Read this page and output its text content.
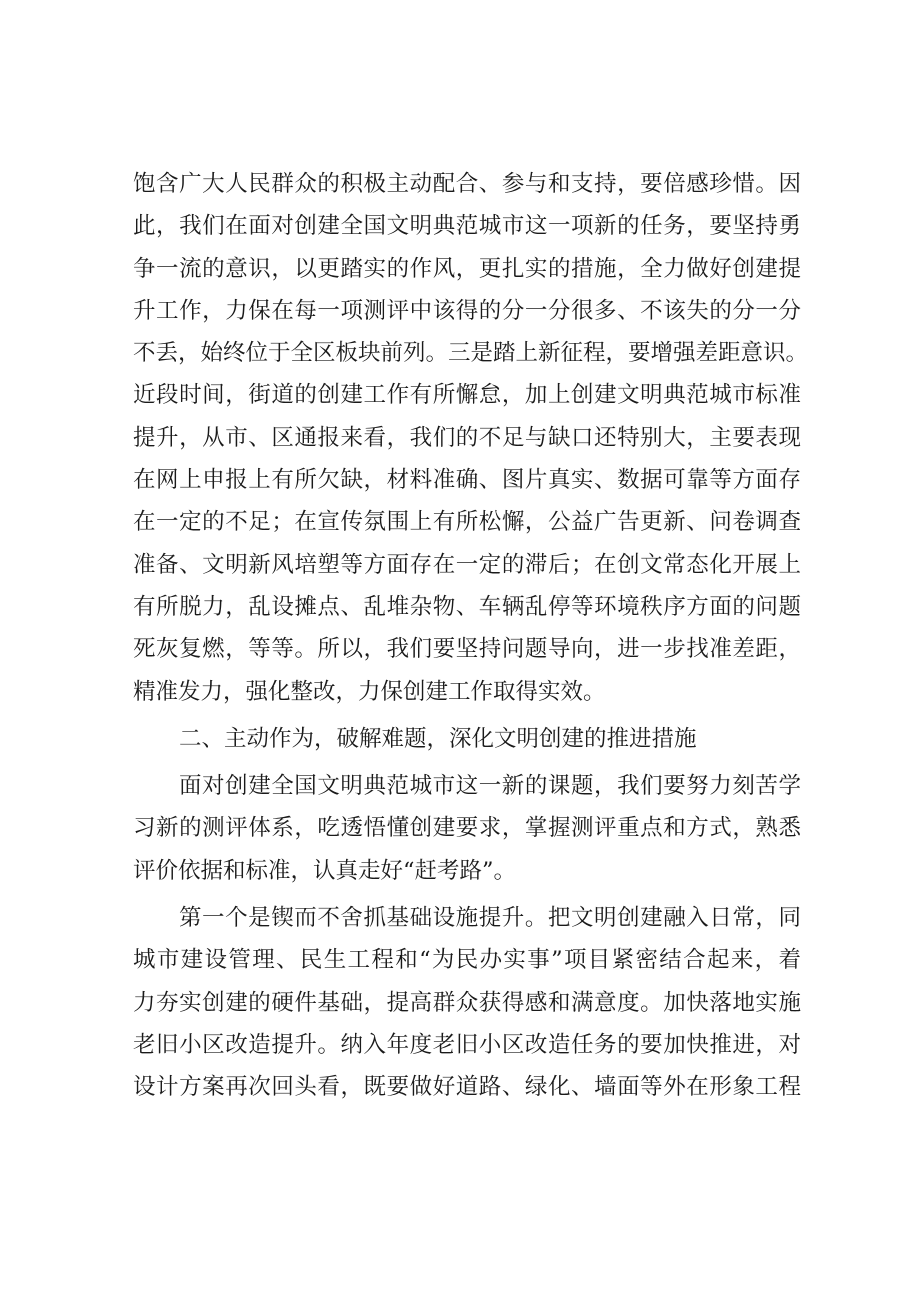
饱含广大人民群众的积极主动配合、参与和支持，要倍感珍惜。因
此，我们在面对创建全国文明典范城市这一项新的任务，要坚持勇
争一流的意识，以更踏实的作风，更扎实的措施，全力做好创建提
升工作，力保在每一项测评中该得的分一分很多、不该失的分一分
不丢，始终位于全区板块前列。三是踏上新征程，要增强差距意识。
近段时间，街道的创建工作有所懈怠，加上创建文明典范城市标准
提升，从市、区通报来看，我们的不足与缺口还特别大，主要表现
在网上申报上有所欠缺，材料准确、图片真实、数据可靠等方面存
在一定的不足；在宣传氛围上有所松懈，公益广告更新、问卷调查
准备、文明新风培塑等方面存在一定的滞后；在创文常态化开展上
有所脱力，乱设摊点、乱堆杂物、车辆乱停等环境秩序方面的问题
死灰复燃，等等。所以，我们要坚持问题导向，进一步找准差距，
精准发力，强化整改，力保创建工作取得实效。
二、主动作为，破解难题，深化文明创建的推进措施
面对创建全国文明典范城市这一新的课题，我们要努力刻苦学
习新的测评体系，吃透悟懂创建要求，掌握测评重点和方式，熟悉
评价依据和标准，认真走好“赶考路”。
第一个是锲而不舍抓基础设施提升。把文明创建融入日常，同
城市建设管理、民生工程和“为民办实事”项目紧密结合起来，着
力夯实创建的硬件基础，提高群众获得感和满意度。加快落地实施
老旧小区改造提升。纳入年度老旧小区改造任务的要加快推进，对
设计方案再次回头看，既要做好道路、绿化、墙面等外在形象工程
